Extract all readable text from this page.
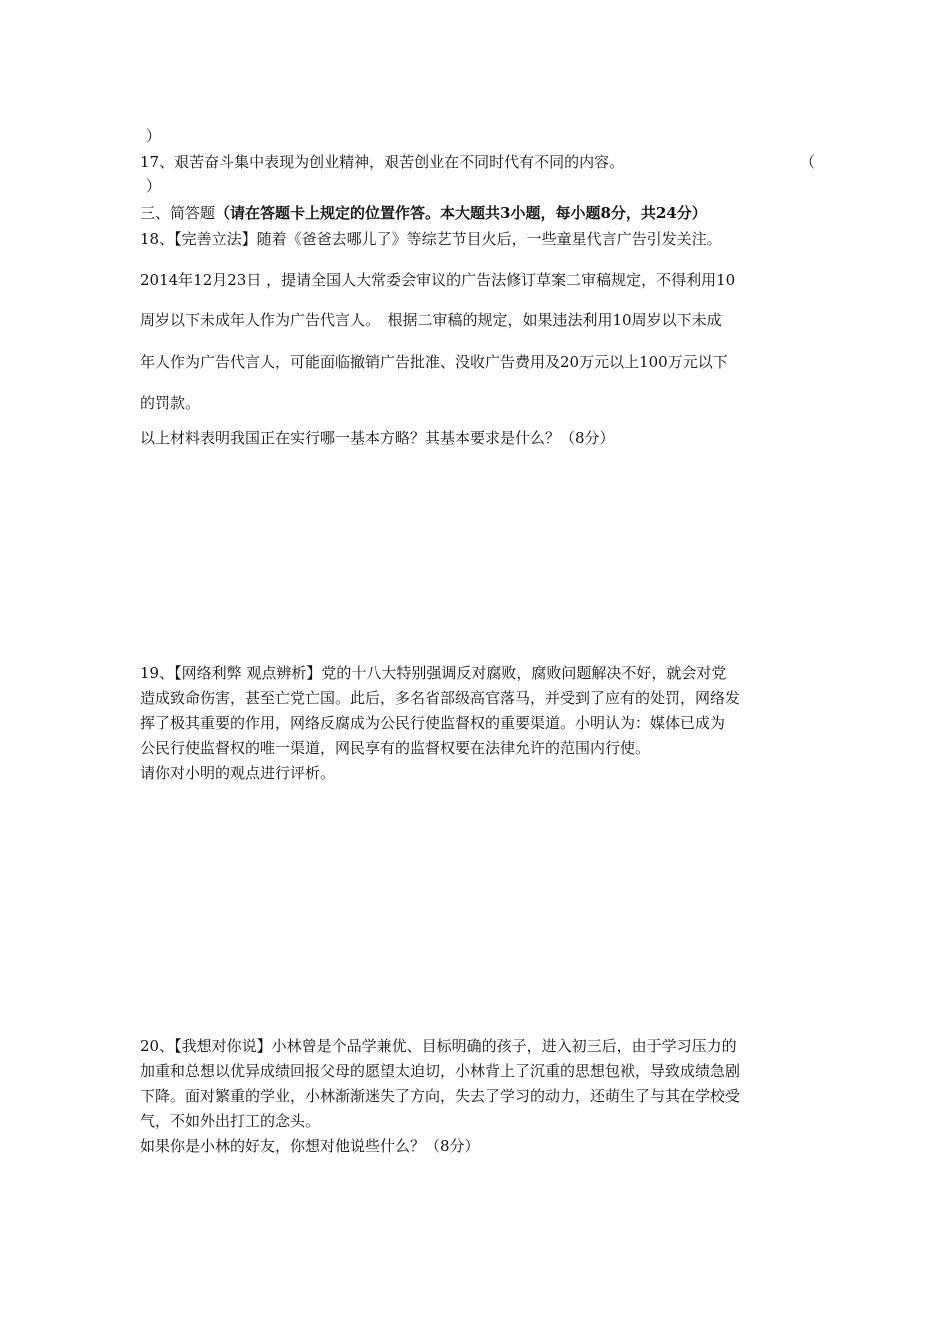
）
17、艰苦奋斗集中表现为创业精神，艰苦创业在不同时代有不同的内容。	（
）
三、简答题（请在答题卡上规定的位置作答。本大题共3小题，每小题8分，共24分）
18、【完善立法】随着《爸爸去哪儿了》等综艺节目火后，一些童星代言广告引发关注。
2014年12月23日 ，提请全国人大常委会审议的广告法修订草案二审稿规定，不得利用10
周岁以下未成年人作为广告代言人。　根据二审稿的规定，如果违法利用10周岁以下未成
年人作为广告代言人，可能面临撤销广告批准、没收广告费用及20万元以上100万元以下
的罚款。
以上材料表明我国正在实行哪一基本方略？其基本要求是什么？（8分）
19、【网络利弊 观点辨析】党的十八大特别强调反对腐败，腐败问题解决不好，就会对党
造成致命伤害，甚至亡党亡国。此后，多名省部级高官落马，并受到了应有的处罚，网络发
挥了极其重要的作用，网络反腐成为公民行使监督权的重要渠道。小明认为：媒体已成为
公民行使监督权的唯一渠道，网民享有的监督权要在法律允许的范围内行使。
请你对小明的观点进行评析。
20、【我想对你说】小林曾是个品学兼优、目标明确的孩子，进入初三后，由于学习压力的
加重和总想以优异成绩回报父母的愿望太迫切，小林背上了沉重的思想包袱，导致成绩急剧
下降。面对繁重的学业，小林渐渐迷失了方向，失去了学习的动力，还萌生了与其在学校受
气，不如外出打工的念头。
如果你是小林的好友，你想对他说些什么？（8分）
